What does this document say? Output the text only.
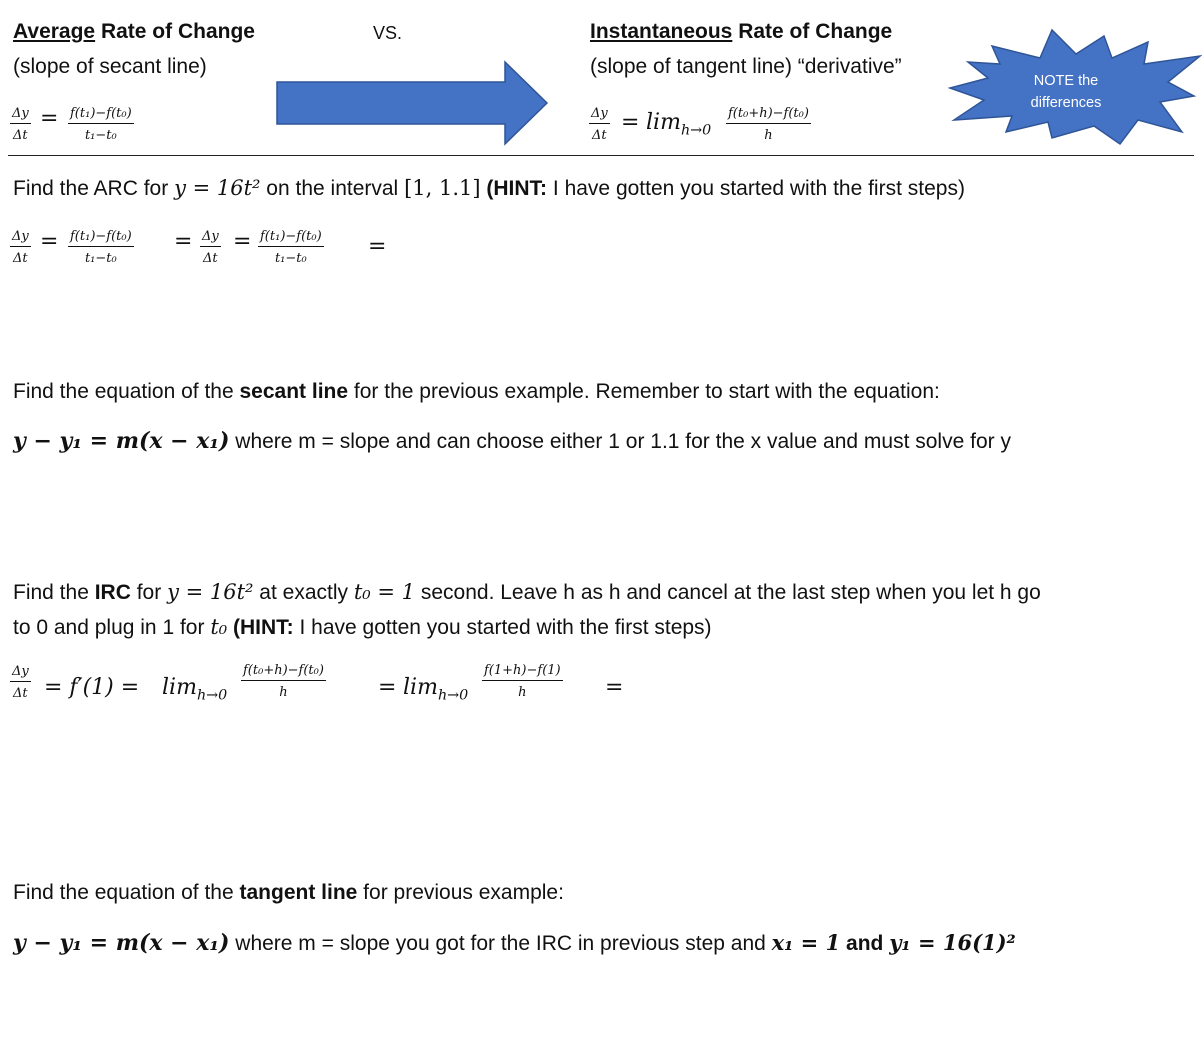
Average Rate of Change
(slope of secant line)
VS.	Instantaneous Rate of Change
(slope of tangent line) “derivative”
NOTE the
differences
$\frac{\Delta y}{\Delta t} = \frac{\text{f(t₁)−f(t₀)}}{\text{t₁−t₀}}$	$\frac{\Delta y}{\Delta t} = \lim_{h\to 0} \frac{\text{f(t₀+h)−f(t₀)}}{h}$
Find the ARC for y = 16t² on the interval [1, 1.1] (HINT: I have gotten you started with the first steps)
$\frac{\Delta y}{\Delta t} = \frac{\text{f(t₁)−f(t₀)}}{\text{t₁−t₀}} = \frac{\Delta y}{\Delta t} = \frac{\text{f(t₁)−f(t₀)}}{\text{t₁−t₀}}$ =
Find the equation of the secant line for the previous example. Remember to start with the equation:
y − y₁ = m(x − x₁) where m = slope and can choose either 1 or 1.1 for the x value and must solve for y
Find the IRC for y = 16t² at exactly t₀ = 1 second. Leave h as h and cancel at the last step when you let h go
to 0 and plug in 1 for t₀ (HINT: I have gotten you started with the first steps)
$\frac{\Delta y}{\Delta t} = f'(1) = \lim_{h\to 0} \frac{\text{f(t₀+h)−f(t₀)}}{h} = \lim_{h\to 0} \frac{f(1+h)-f(1)}{h}$ =
Find the equation of the tangent line for previous example:
y − y₁ = m(x − x₁) where m = slope you got for the IRC in previous step and x₁ = 1 and y₁ = 16(1)²
